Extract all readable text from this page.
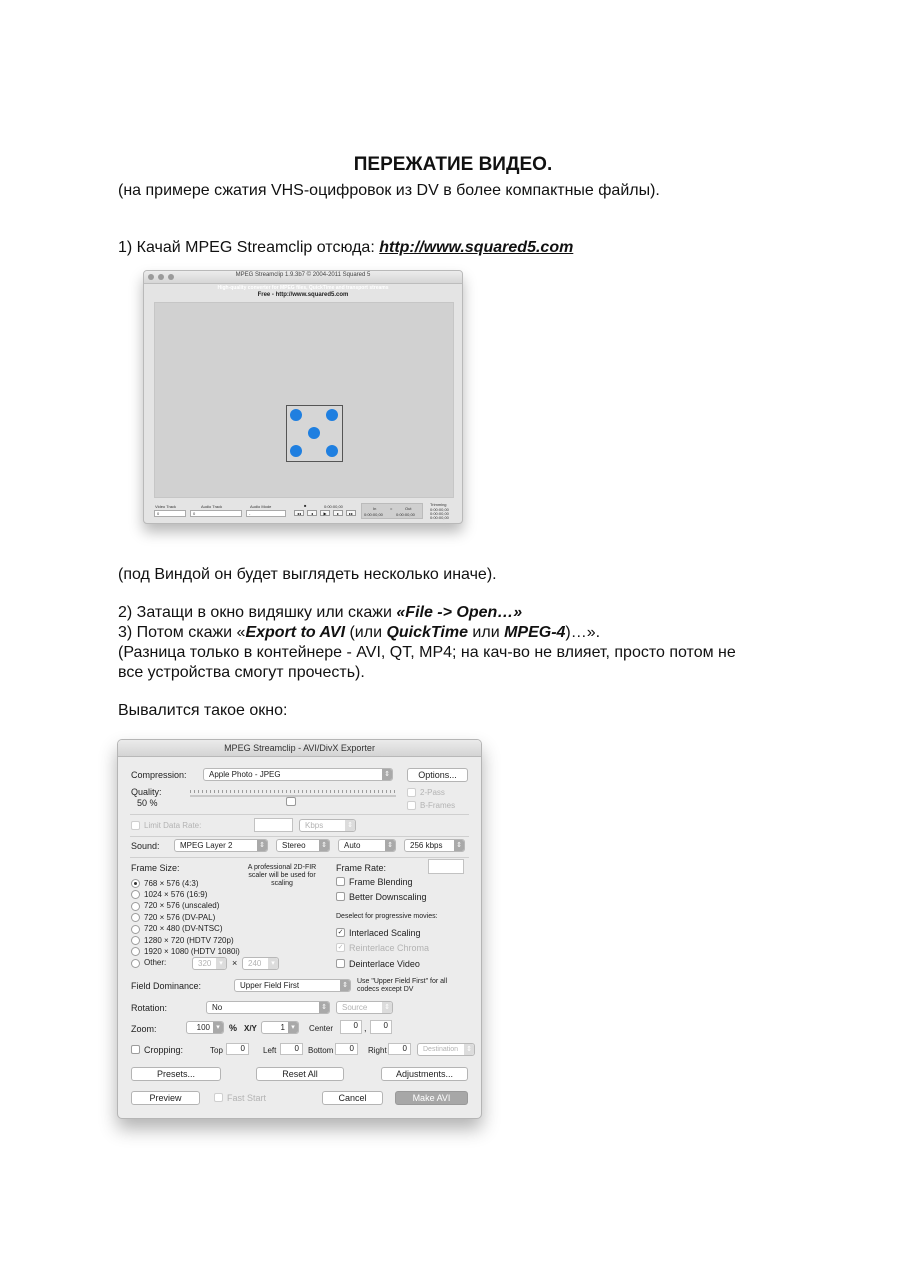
ПЕРЕЖАТИЕ ВИДЕО.
(на примере сжатия VHS-оцифровок из DV в более компактные файлы).
1) Качай MPEG Streamclip отсюда: http://www.squared5.com
MPEG Streamclip 1.9.3b7 © 2004-2011 Squared 5
High-quality converter for MPEG files, QuickTime and transport streams
Free - http://www.squared5.com
Video Track	Audio Track	Audio Mode
0	0	-
■	0:00:00,00	In	=	Out
0:00:00,00	0:00:00,00
Trimming
0:00:00,00
0:00:00,00
0:00:00,00
◂◂	◂	▶	▸	▸▸
(под Виндой он будет выглядеть несколько иначе).
2) Затащи в окно видяшку или скажи «File -> Open…»
3) Потом скажи «Export to AVI (или QuickTime или MPEG-4)…».
(Разница только в контейнере - AVI, QT, MP4; на кач-во не влияет, просто потом не
все устройства смогут прочесть).
Вывалится такое окно:
MPEG Streamclip - AVI/DivX Exporter
Compression:	Apple Photo - JPEG	⇕	Options...
Quality:
50 %
2-Pass
B-Frames
Limit Data Rate:	Kbps	⇕
Sound:	MPEG Layer 2	⇕	Stereo ⇕	Auto	⇕	256 kbps ⇕
Frame Size:	A professional 2D-FIR scaler will be used for scaling
320	▾	×	240	▾
Frame Rate:
Frame Blending
Better Downscaling
Deselect for progressive movies:
✓ Interlaced Scaling
✓ Reinterlace Chroma
Deinterlace Video
Field Dominance:	Upper Field First	⇕
Use "Upper Field First" for all codecs except DV
Rotation:	No	⇕	Source ⇕
Zoom:	100 ▾	% X/Y	1 ▾	Center	0 ,	0
Cropping:	Top	0	Left	0	Bottom	0	Right	0	Destination ⇕
Presets...	Reset All	Adjustments...
Preview	Fast Start	Cancel	Make AVI
768 × 576 (4:3)
1024 × 576 (16:9)
720 × 576 (unscaled)
720 × 576 (DV-PAL)
720 × 480 (DV-NTSC)
1280 × 720 (HDTV 720p)
1920 × 1080 (HDTV 1080i)
Other:
